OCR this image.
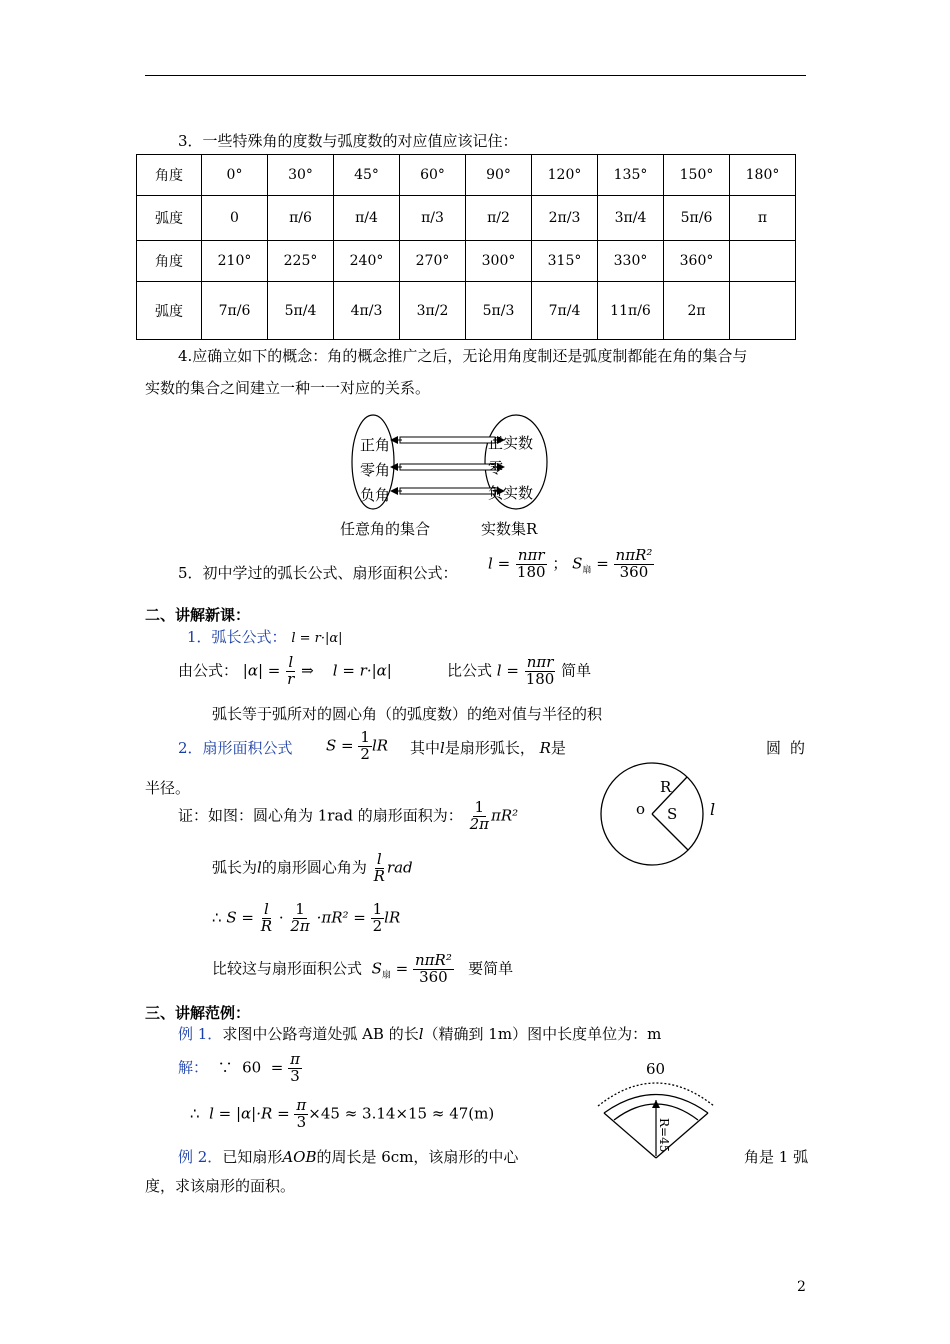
3．一些特殊角的度数与弧度数的对应值应该记住：
角度	0°	30°	45°	60°	90°	120°	135°	150°	180°
弧度	0	π/6	π/4	π/3	π/2	2π/3	3π/4	5π/6	π
角度	210°	225°	240°	270°	300°	315°	330°	360°	
弧度	7π/6	5π/4	4π/3	3π/2	5π/3	7π/4	11π/6	2π	
4.应确立如下的概念：角的概念推广之后，无论用角度制还是弧度制都能在角的集合与
实数的集合之间建立一种一一对应的关系。
正角
零角
负角
正实数
零
负实数
任意角的集合	实数集R
5．初中学过的弧长公式、扇形面积公式：
$l = \frac{\text{nπr}}{180}$ ； $S_扇 = \frac{\text{nπR²}}{360}$
二、讲解新课：
1．弧长公式： l = r·|α|
由公式： $|\alpha| = \frac{l}{r}$ ⇒ l = r·|α|	比公式 $l = \frac{\text{nπr}}{180}$ 简单
弧长等于弧所对的圆心角（的弧度数）的绝对值与半径的积
2．扇形面积公式 $S = \frac{1}{2}$ lR 其中l是扇形弧长， R是	圆 的
半径。	R
o S l
证：如图：圆心角为 1rad 的扇形面积为： $\frac{1}{2\pi} \pi R^2$
弧长为l的扇形圆心角为 $\frac{l}{R}$ rad
∴ $S = \frac{l}{R} \cdot \frac{1}{2\pi} \cdot\pi R^2 = \frac{1}{2}$ lR
比较这与扇形面积公式 $S_扇 = \frac{\text{nπR²}}{360}$ 要简单
三、讲解范例：
例 1．求图中公路弯道处弧 AB 的长l（精确到 1m）图中长度单位为：m
解： ∵ $60 = \frac{\pi}{3}$
∴ $l = |\alpha|\cdot R = \frac{\pi}{3} \times 45 \approx 3.14\times 15 \approx 47(m)$
60
R=45
例 2．已知扇形AOB的周长是 6cm，该扇形的中心	角是 1 弧
度，求该扇形的面积。
2
